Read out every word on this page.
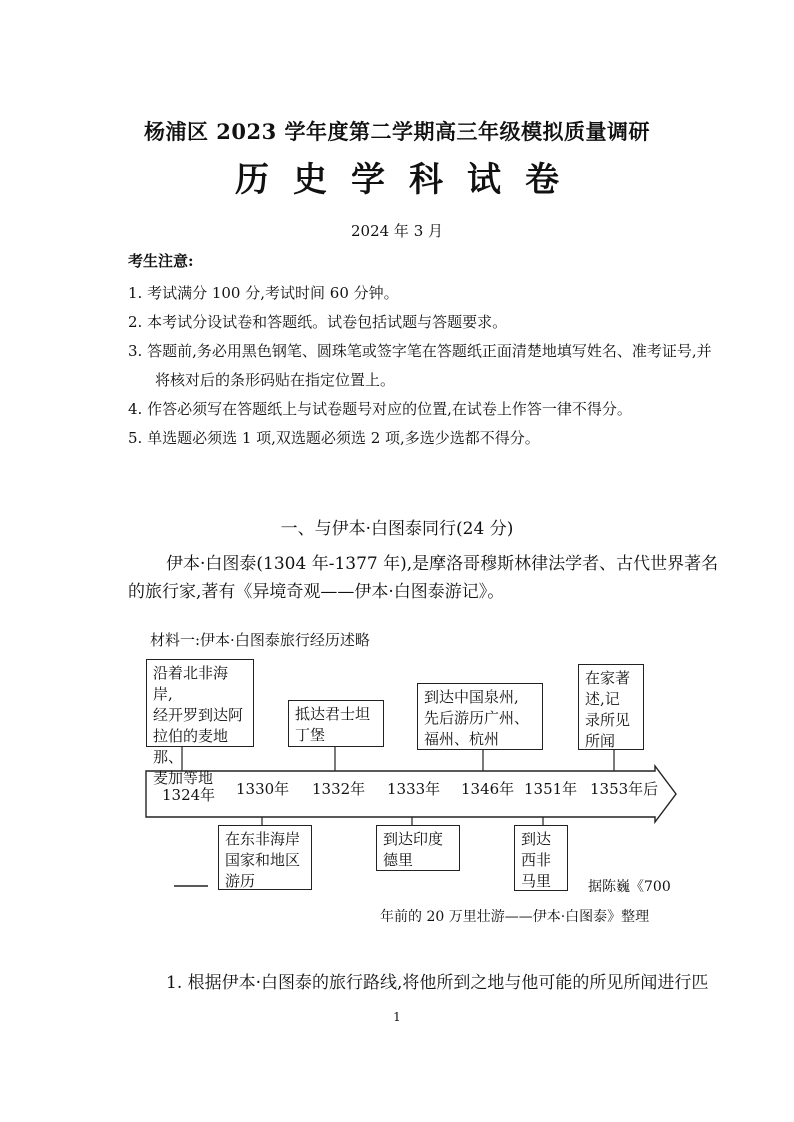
杨浦区 2023 学年度第二学期高三年级模拟质量调研
历史学科试卷
2024 年 3 月
考生注意:
1. 考试满分 100 分,考试时间 60 分钟。
2. 本考试分设试卷和答题纸。试卷包括试题与答题要求。
3. 答题前,务必用黑色钢笔、圆珠笔或签字笔在答题纸正面清楚地填写姓名、准考证号,并
将核对后的条形码贴在指定位置上。
4. 作答必须写在答题纸上与试卷题号对应的位置,在试卷上作答一律不得分。
5. 单选题必须选 1 项,双选题必须选 2 项,多选少选都不得分。
一、与伊本·白图泰同行(24 分)
伊本·白图泰(1304 年-1377 年),是摩洛哥穆斯林律法学者、古代世界著名
的旅行家,著有《异境奇观——伊本·白图泰游记》。
材料一:伊本·白图泰旅行经历述略
1324年 1330年 1332年 1333年 1346年 1351年 1353年后
沿着北非海岸,
经开罗到达阿
拉伯的麦地那、
麦加等地
抵达君士坦
丁堡
到达中国泉州,
先后游历广州、
福州、杭州
在家著
述,记
录所见
所闻
在东非海岸
国家和地区
游历
到达印度
德里
到达
西非
马里	据陈巍《700
年前的 20 万里壮游——伊本·白图泰》整理
1. 根据伊本·白图泰的旅行路线,将他所到之地与他可能的所见所闻进行匹
1
